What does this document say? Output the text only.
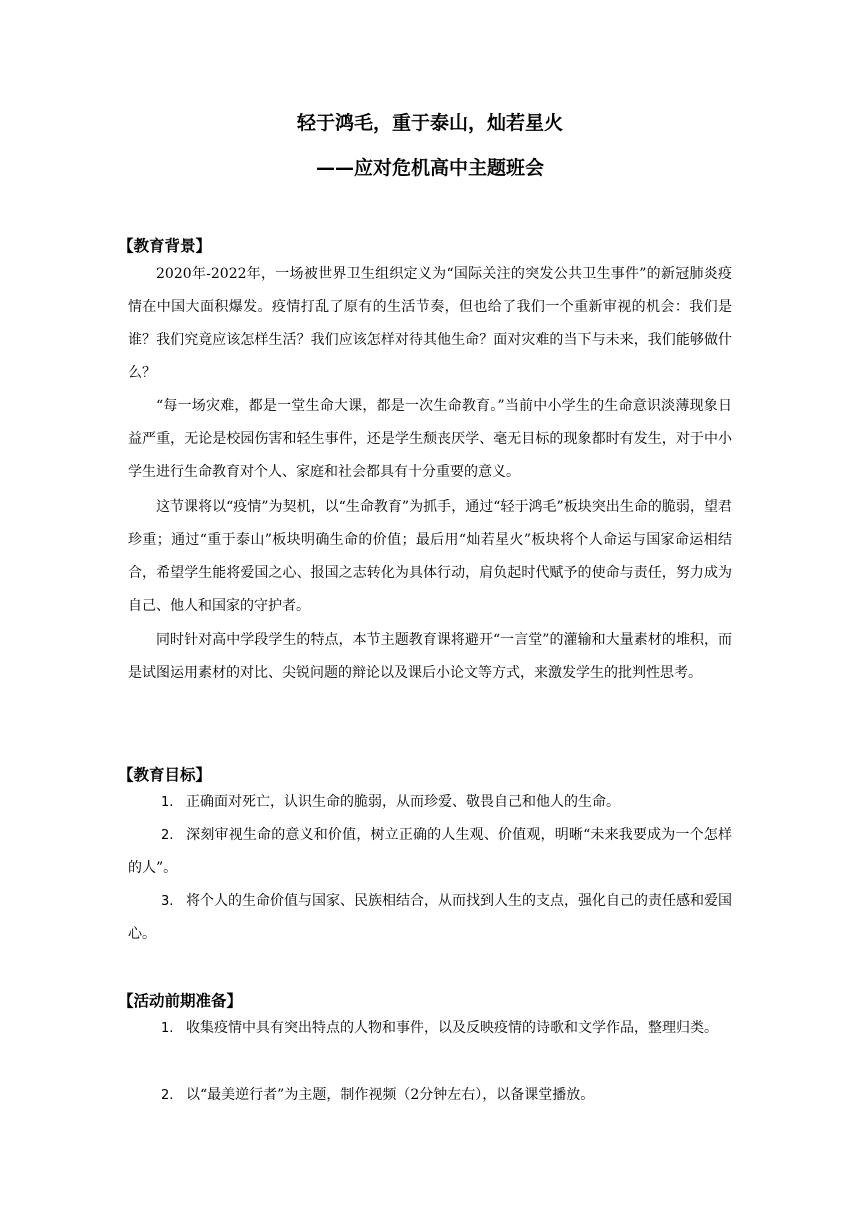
轻于鸿毛，重于泰山，灿若星火
——应对危机高中主题班会
【教育背景】

2020年-2022年，一场被世界卫生组织定义为“国际关注的突发公共卫生事件”的新冠肺炎疫情在中国大面积爆发。疫情打乱了原有的生活节奏，但也给了我们一个重新审视的机会：我们是谁？我们究竟应该怎样生活？我们应该怎样对待其他生命？面对灾难的当下与未来，我们能够做什么？

“每一场灾难，都是一堂生命大课，都是一次生命教育。”当前中小学生的生命意识淡薄现象日益严重，无论是校园伤害和轻生事件，还是学生颓丧厌学、毫无目标的现象都时有发生，对于中小学生进行生命教育对个人、家庭和社会都具有十分重要的意义。

这节课将以“疫情”为契机，以“生命教育”为抓手，通过“轻于鸿毛”板块突出生命的脆弱，望君珍重；通过“重于泰山”板块明确生命的价值；最后用“灿若星火”板块将个人命运与国家命运相结合，希望学生能将爱国之心、报国之志转化为具体行动，肩负起时代赋予的使命与责任，努力成为自己、他人和国家的守护者。

同时针对高中学段学生的特点，本节主题教育课将避开“一言堂”的灌输和大量素材的堆积，而是试图运用素材的对比、尖锐问题的辩论以及课后小论文等方式，来激发学生的批判性思考。

【教育目标】
1. 正确面对死亡，认识生命的脆弱，从而珍爱、敬畏自己和他人的生命。
2. 深刻审视生命的意义和价值，树立正确的人生观、价值观，明晰“未来我要成为一个怎样的人”。
3. 将个人的生命价值与国家、民族相结合，从而找到人生的支点，强化自己的责任感和爱国心。
【活动前期准备】
1. 收集疫情中具有突出特点的人物和事件，以及反映疫情的诗歌和文学作品，整理归类。
2. 以“最美逆行者”为主题，制作视频（2分钟左右），以备课堂播放。
